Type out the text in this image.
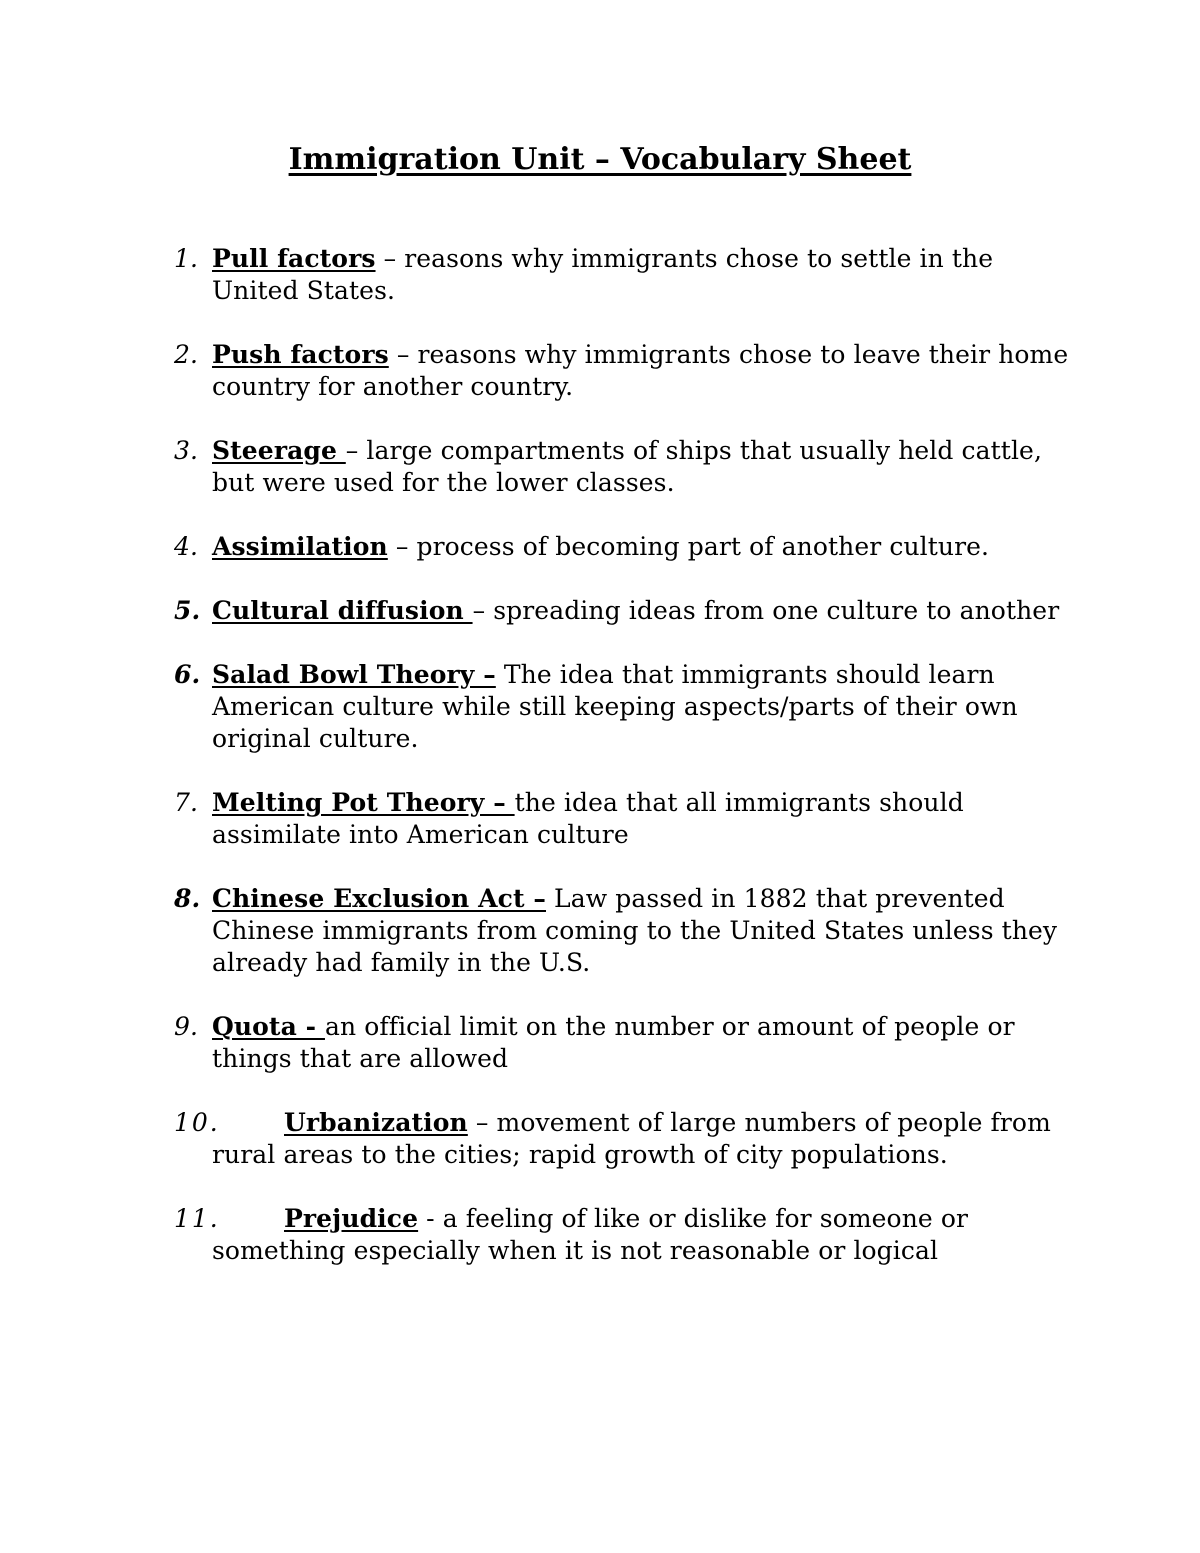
Immigration Unit – Vocabulary Sheet
1. Pull factors – reasons why immigrants chose to settle in the United States.
2. Push factors – reasons why immigrants chose to leave their home country for another country.
3. Steerage – large compartments of ships that usually held cattle, but were used for the lower classes.
4. Assimilation – process of becoming part of another culture.
5. Cultural diffusion – spreading ideas from one culture to another
6. Salad Bowl Theory – The idea that immigrants should learn American culture while still keeping aspects/parts of their own original culture.
7. Melting Pot Theory – the idea that all immigrants should assimilate into American culture
8. Chinese Exclusion Act – Law passed in 1882 that prevented Chinese immigrants from coming to the United States unless they already had family in the U.S.
9. Quota - an official limit on the number or amount of people or things that are allowed
10.	Urbanization – movement of large numbers of people from rural areas to the cities; rapid growth of city populations.
11.	Prejudice - a feeling of like or dislike for someone or something especially when it is not reasonable or logical
